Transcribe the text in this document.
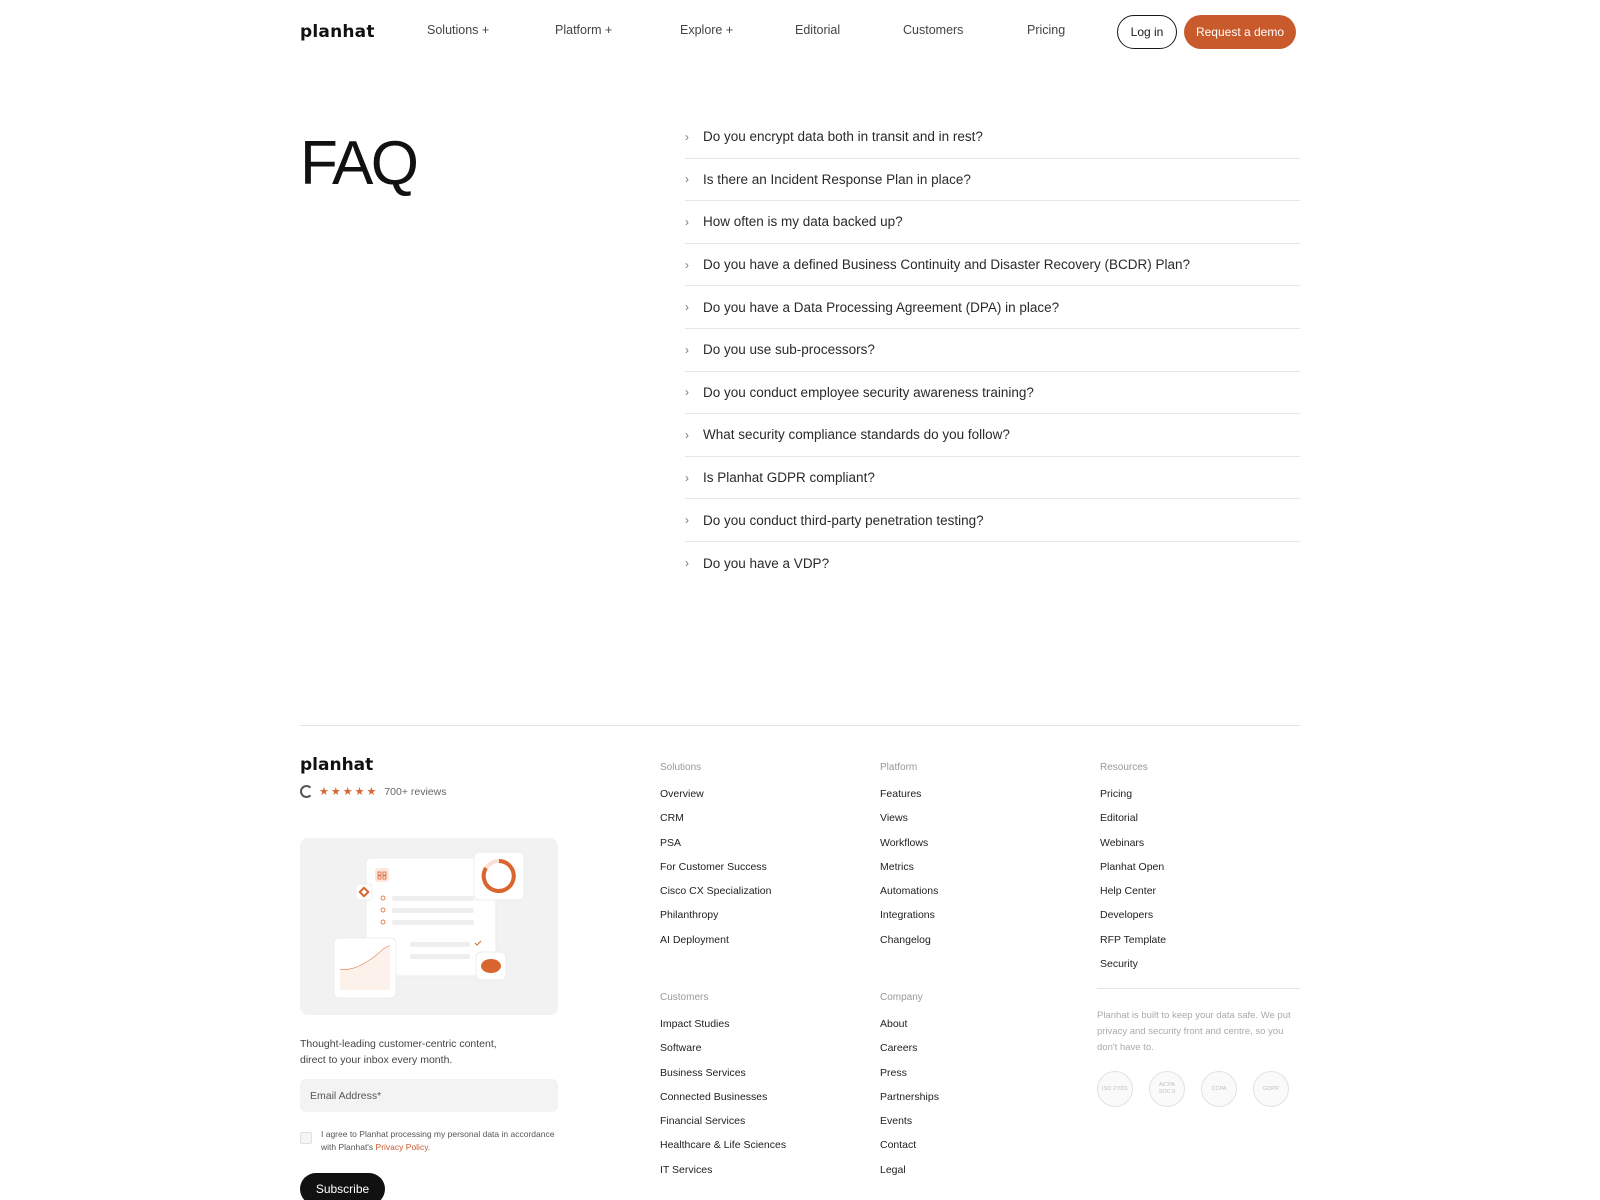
planhat	Solutions +	Platform +	Explore +	Editorial	Customers	Pricing	Log in	Request a demo
FAQ	›	Do you encrypt data both in transit and in rest?
›	Is there an Incident Response Plan in place?
›	How often is my data backed up?
›	Do you have a defined Business Continuity and Disaster Recovery (BCDR) Plan?
›	Do you have a Data Processing Agreement (DPA) in place?
›	Do you use sub-processors?
›	Do you conduct employee security awareness training?
›	What security compliance standards do you follow?
›	Is Planhat GDPR compliant?
›	Do you conduct third-party penetration testing?
›	Do you have a VDP?
planhat
★★★★★ 700+ reviews
Thought-leading customer-centric content, direct to your inbox every month.
Email Address*
I agree to Planhat processing my personal data in accordance with Planhat's Privacy Policy.
Subscribe
Solutions
Overview
CRM
PSA
For Customer Success
Cisco CX Specialization
Philanthropy
AI Deployment
Platform
Features
Views
Workflows
Metrics
Automations
Integrations
Changelog
Resources
Pricing
Editorial
Webinars
Planhat Open
Help Center
Developers
RFP Template
Security
Customers
Impact Studies
Software
Business Services
Connected Businesses
Financial Services
Healthcare & Life Sciences
IT Services
Company
About
Careers
Press
Partnerships
Events
Contact
Legal
Planhat is built to keep your data safe. We put privacy and security front and centre, so you don't have to.
ISO 27001
AICPA SOC II
CCPA	GDPR
